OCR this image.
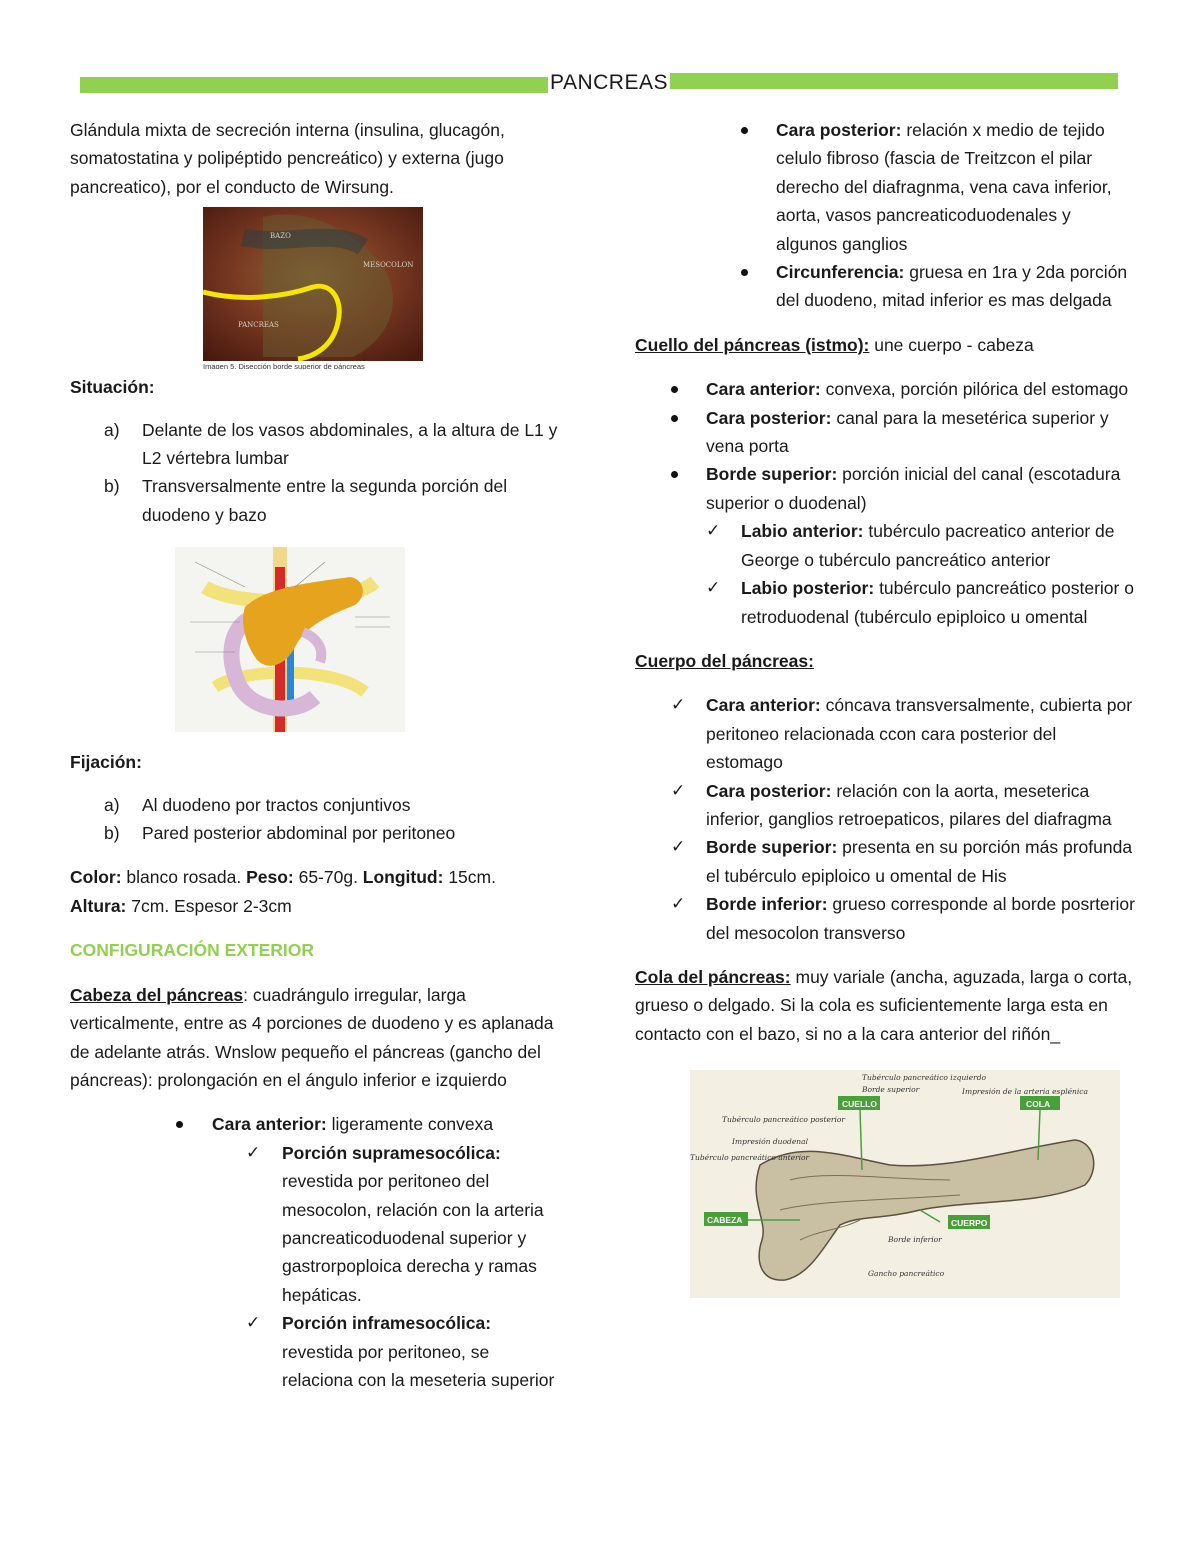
PANCREAS

Glándula mixta de secreción interna (insulina, glucagón, somatostatina y polipéptido pencreático) y externa (jugo pancreatico), por el conducto de Wirsung.

BAZO
MESOCOLON
PANCREAS
Imagen 5. Disección borde superior de páncreas

Situación:

a) Delante de los vasos abdominales, a la altura de L1 y L2 vértebra lumbar
b) Transversalmente entre la segunda porción del duodeno y bazo

Fijación:

a) Al duodeno por tractos conjuntivos
b) Pared posterior abdominal por peritoneo

Color: blanco rosada. Peso: 65-70g. Longitud: 15cm.
Altura: 7cm. Espesor 2-3cm

CONFIGURACIÓN EXTERIOR

Cabeza del páncreas: cuadrángulo irregular, larga verticalmente, entre as 4 porciones de duodeno y es aplanada de adelante atrás. Wnslow pequeño el páncreas (gancho del páncreas): prolongación en el ángulo inferior e izquierdo

Cara anterior: ligeramente convexa
✓ Porción supramesocólica: revestida por peritoneo del mesocolon, relación con la arteria pancreaticoduodenal superior y gastrorpoploica derecha y ramas hepáticas.
✓ Porción inframesocólica: revestida por peritoneo, se relaciona con la meseteria superior
Cara posterior: relación x medio de tejido celulo fibroso (fascia de Treitzcon el pilar derecho del diafragnma, vena cava inferior, aorta, vasos pancreaticoduodenales y algunos ganglios
Circunferencia: gruesa en 1ra y 2da porción del duodeno, mitad inferior es mas delgada

Cuello del páncreas (istmo): une cuerpo - cabeza

Cara anterior: convexa, porción pilórica del estomago
Cara posterior: canal para la mesetérica superior y vena porta
Borde superior: porción inicial del canal (escotadura superior o duodenal)
✓ Labio anterior: tubérculo pacreatico anterior de George o tubérculo pancreático anterior
✓ Labio posterior: tubérculo pancreático posterior o retroduodenal (tubérculo epiploico u omental

Cuerpo del páncreas:

✓ Cara anterior: cóncava transversalmente, cubierta por peritoneo relacionada ccon cara posterior del estomago
✓ Cara posterior: relación con la aorta, meseterica inferior, ganglios retroepaticos, pilares del diafragma
✓ Borde superior: presenta en su porción más profunda el tubérculo epiploico u omental de His
✓ Borde inferior: grueso corresponde al borde posrterior del mesocolon transverso

Cola del páncreas: muy variale (ancha, aguzada, larga o corta, grueso o delgado. Si la cola es suficientemente larga esta en contacto con el bazo, si no a la cara anterior del riñón_

Tubérculo pancreático izquierdo
Borde superior	Impresión de la arteria esplénica
Tubérculo pancreático posterior
Impresión duodenal
Tubérculo pancreático anterior
Borde inferior
Gancho pancreático
CUELLO	COLA
CABEZA	CUERPO
